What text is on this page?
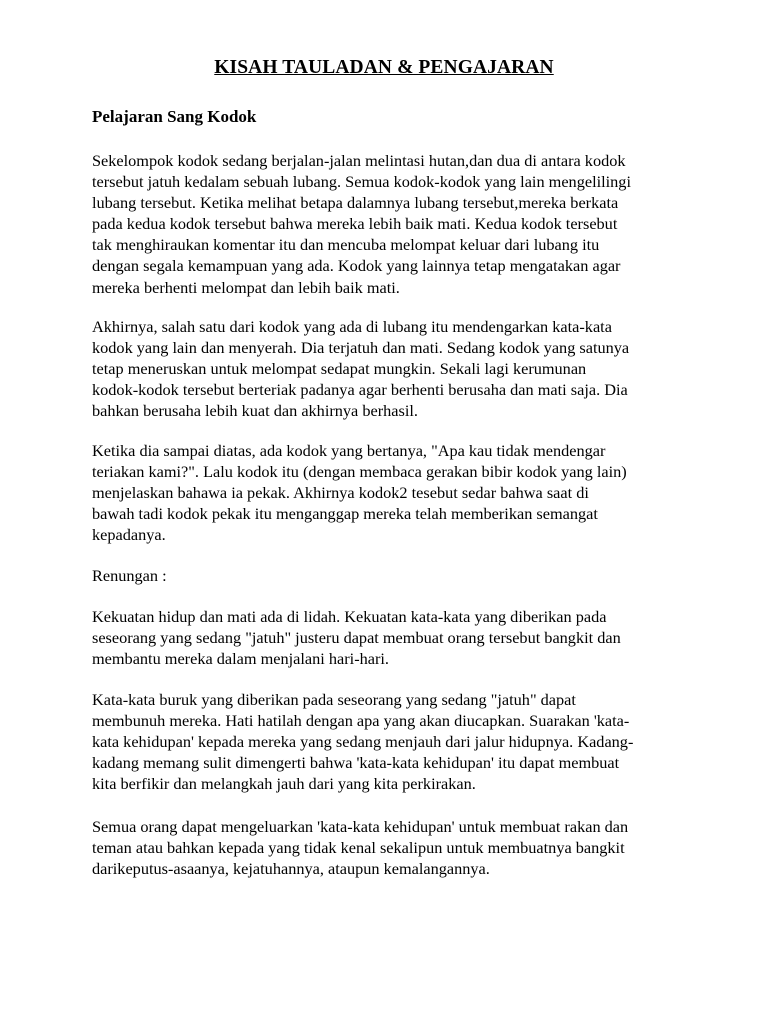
KISAH TAULADAN & PENGAJARAN
Pelajaran Sang Kodok
Sekelompok kodok sedang berjalan-jalan melintasi hutan,dan dua di antara kodok
tersebut jatuh kedalam sebuah lubang. Semua kodok-kodok yang lain mengelilingi
lubang tersebut. Ketika melihat betapa dalamnya lubang tersebut,mereka berkata
pada kedua kodok tersebut bahwa mereka lebih baik mati. Kedua kodok tersebut
tak menghiraukan komentar itu dan mencuba melompat keluar dari lubang itu
dengan segala kemampuan yang ada. Kodok yang lainnya tetap mengatakan agar
mereka berhenti melompat dan lebih baik mati.
Akhirnya, salah satu dari kodok yang ada di lubang itu mendengarkan kata-kata
kodok yang lain dan menyerah. Dia terjatuh dan mati. Sedang kodok yang satunya
tetap meneruskan untuk melompat sedapat mungkin. Sekali lagi kerumunan
kodok-kodok tersebut berteriak padanya agar berhenti berusaha dan mati saja. Dia
bahkan berusaha lebih kuat dan akhirnya berhasil.
Ketika dia sampai diatas, ada kodok yang bertanya, "Apa kau tidak mendengar
teriakan kami?". Lalu kodok itu (dengan membaca gerakan bibir kodok yang lain)
menjelaskan bahawa ia pekak. Akhirnya kodok2 tesebut sedar bahwa saat di
bawah tadi kodok pekak itu menganggap mereka telah memberikan semangat
kepadanya.
Renungan :
Kekuatan hidup dan mati ada di lidah. Kekuatan kata-kata yang diberikan pada
seseorang yang sedang "jatuh" justeru dapat membuat orang tersebut bangkit dan
membantu mereka dalam menjalani hari-hari.
Kata-kata buruk yang diberikan pada seseorang yang sedang "jatuh" dapat
membunuh mereka. Hati hatilah dengan apa yang akan diucapkan. Suarakan 'kata-
kata kehidupan' kepada mereka yang sedang menjauh dari jalur hidupnya. Kadang-
kadang memang sulit dimengerti bahwa 'kata-kata kehidupan' itu dapat membuat
kita berfikir dan melangkah jauh dari yang kita perkirakan.
Semua orang dapat mengeluarkan 'kata-kata kehidupan' untuk membuat rakan dan
teman atau bahkan kepada yang tidak kenal sekalipun untuk membuatnya bangkit
darikeputus-asaanya, kejatuhannya, ataupun kemalangannya.
